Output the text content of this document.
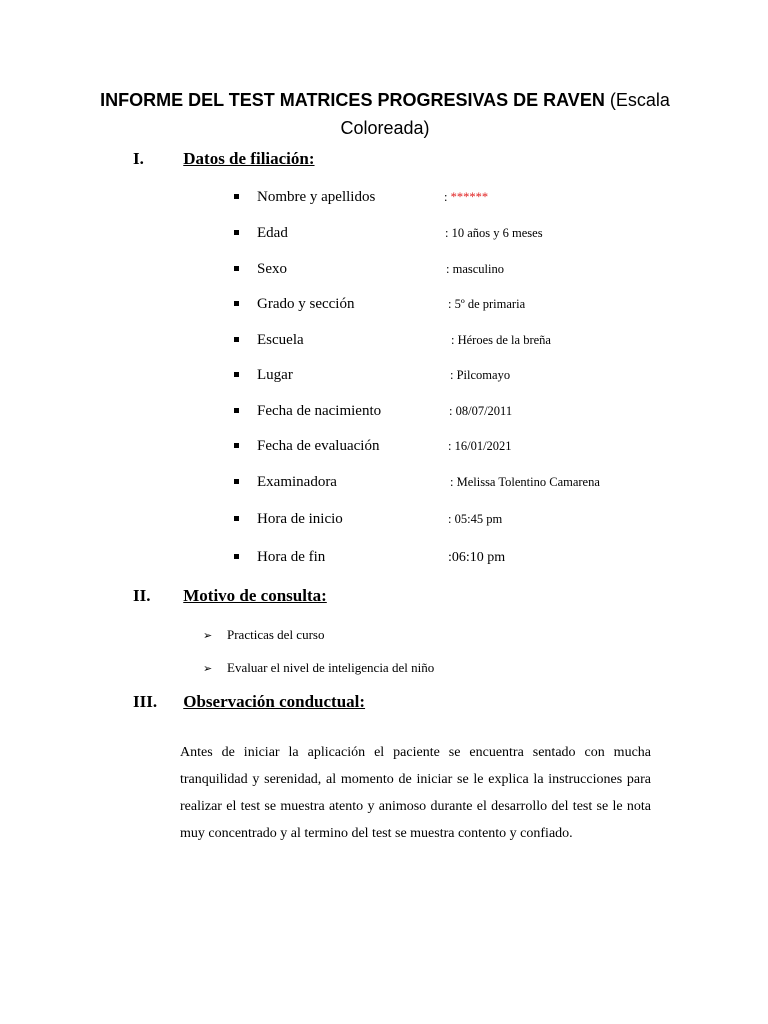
INFORME DEL TEST MATRICES PROGRESIVAS DE RAVEN (Escala Coloreada)
I. Datos de filiación:
Nombre y apellidos	: ******
Edad	: 10 años y 6 meses
Sexo	: masculino
Grado y sección	: 5º de primaria
Escuela	: Héroes de la breña
Lugar	: Pilcomayo
Fecha de nacimiento	: 08/07/2011
Fecha de evaluación	: 16/01/2021
Examinadora	: Melissa Tolentino Camarena
Hora de inicio	: 05:45 pm
Hora de fin	:06:10 pm
II. Motivo de consulta:
➢ Practicas del curso
➢ Evaluar el nivel de inteligencia del niño
III. Observación conductual:
Antes de iniciar la aplicación el paciente se encuentra sentado con mucha tranquilidad y serenidad, al momento de iniciar se le explica la instrucciones para realizar el test se muestra atento y animoso durante el desarrollo del test se le nota muy concentrado y al termino del test se muestra contento y confiado.
